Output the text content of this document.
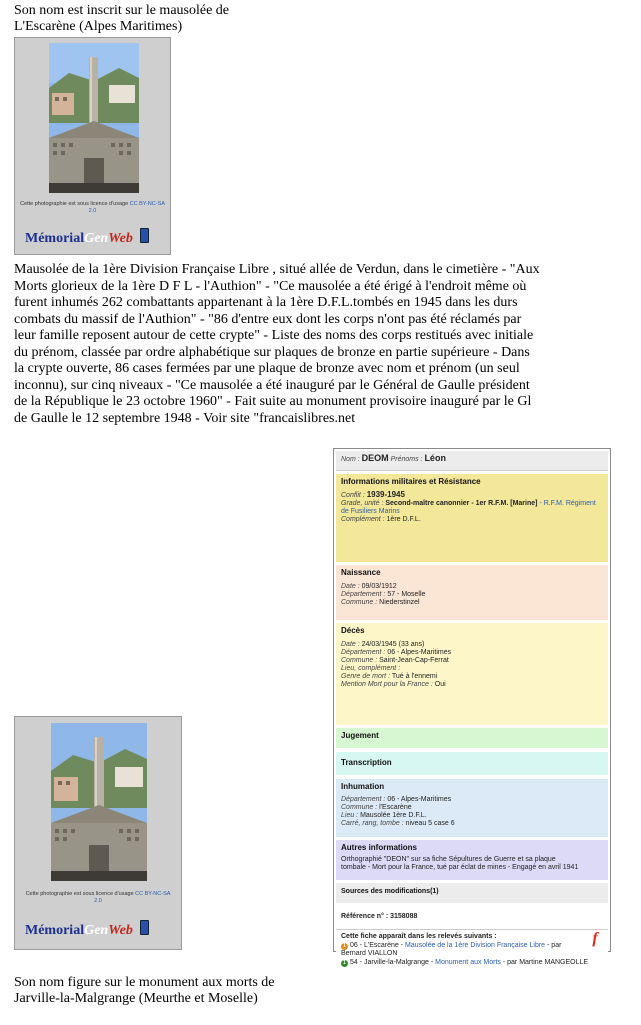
Son nom est inscrit sur le mausolée de
L'Escarène (Alpes Maritimes)
Cette photographie est sous licence d'usage CC BY-NC-SA
2.0
MémorialGenWeb
Mausolée de la 1ère Division Française Libre , situé allée de Verdun, dans le cimetière - "Aux
Morts glorieux de la 1ère D F L - l'Authion" - "Ce mausolée a été érigé à l'endroit même où
furent inhumés 262 combattants appartenant à la 1ère D.F.L.tombés en 1945 dans les durs
combats du massif de l'Authion" - "86 d'entre eux dont les corps n'ont pas été réclamés par
leur famille reposent autour de cette crypte" - Liste des noms des corps restitués avec initiale
du prénom, classée par ordre alphabétique sur plaques de bronze en partie supérieure - Dans
la crypte ouverte, 86 cases fermées par une plaque de bronze avec nom et prénom (un seul
inconnu), sur cinq niveaux - "Ce mausolée a été inauguré par le Général de Gaulle président
de la République le 23 octobre 1960" - Fait suite au monument provisoire inauguré par le Gl
de Gaulle le 12 septembre 1948 - Voir site "francaislibres.net
Nom : DEOM Prénoms : Léon
Informations militaires et Résistance
Conflit : 1939-1945
Grade, unité : Second-maître canonnier - 1er R.F.M. [Marine] - R.F.M. Régiment de Fusiliers Marins
Complément : 1ère D.F.L.
Naissance
Date : 09/03/1912
Département : 57 - Moselle
Commune : Niederstinzel
Décès
Date : 24/03/1945 (33 ans)
Département : 06 - Alpes-Maritimes
Commune : Saint-Jean-Cap-Ferrat
Lieu, complément :
Genre de mort : Tué à l'ennemi
Mention Mort pour la France : Oui
Jugement
Transcription
Inhumation
Département : 06 - Alpes-Maritimes
Commune : l'Escarène
Lieu : Mausolée 1ère D.F.L.
Carré, rang, tombe : niveau 5 case 6
Autres informations
Orthographié "DEON" sur sa fiche Sépultures de Guerre et sa plaque
tombale - Mort pour la France, tué par éclat de mines - Engagé en avril 1941
Sources des modifications(1)
Référence n° : 3158088
f
Cette fiche apparaît dans les relevés suivants :
1 06 - L'Escarène - Mausolée de la 1ère Division Française Libre - par
Bernard VIALLON
1 54 - Jarville-la-Malgrange - Monument aux Morts - par Martine MANGEOLLE
Cette photographie est sous licence d'usage CC BY-NC-SA
2.0
MémorialGenWeb
Son nom figure sur le monument aux morts de
Jarville-la-Malgrange (Meurthe et Moselle)
